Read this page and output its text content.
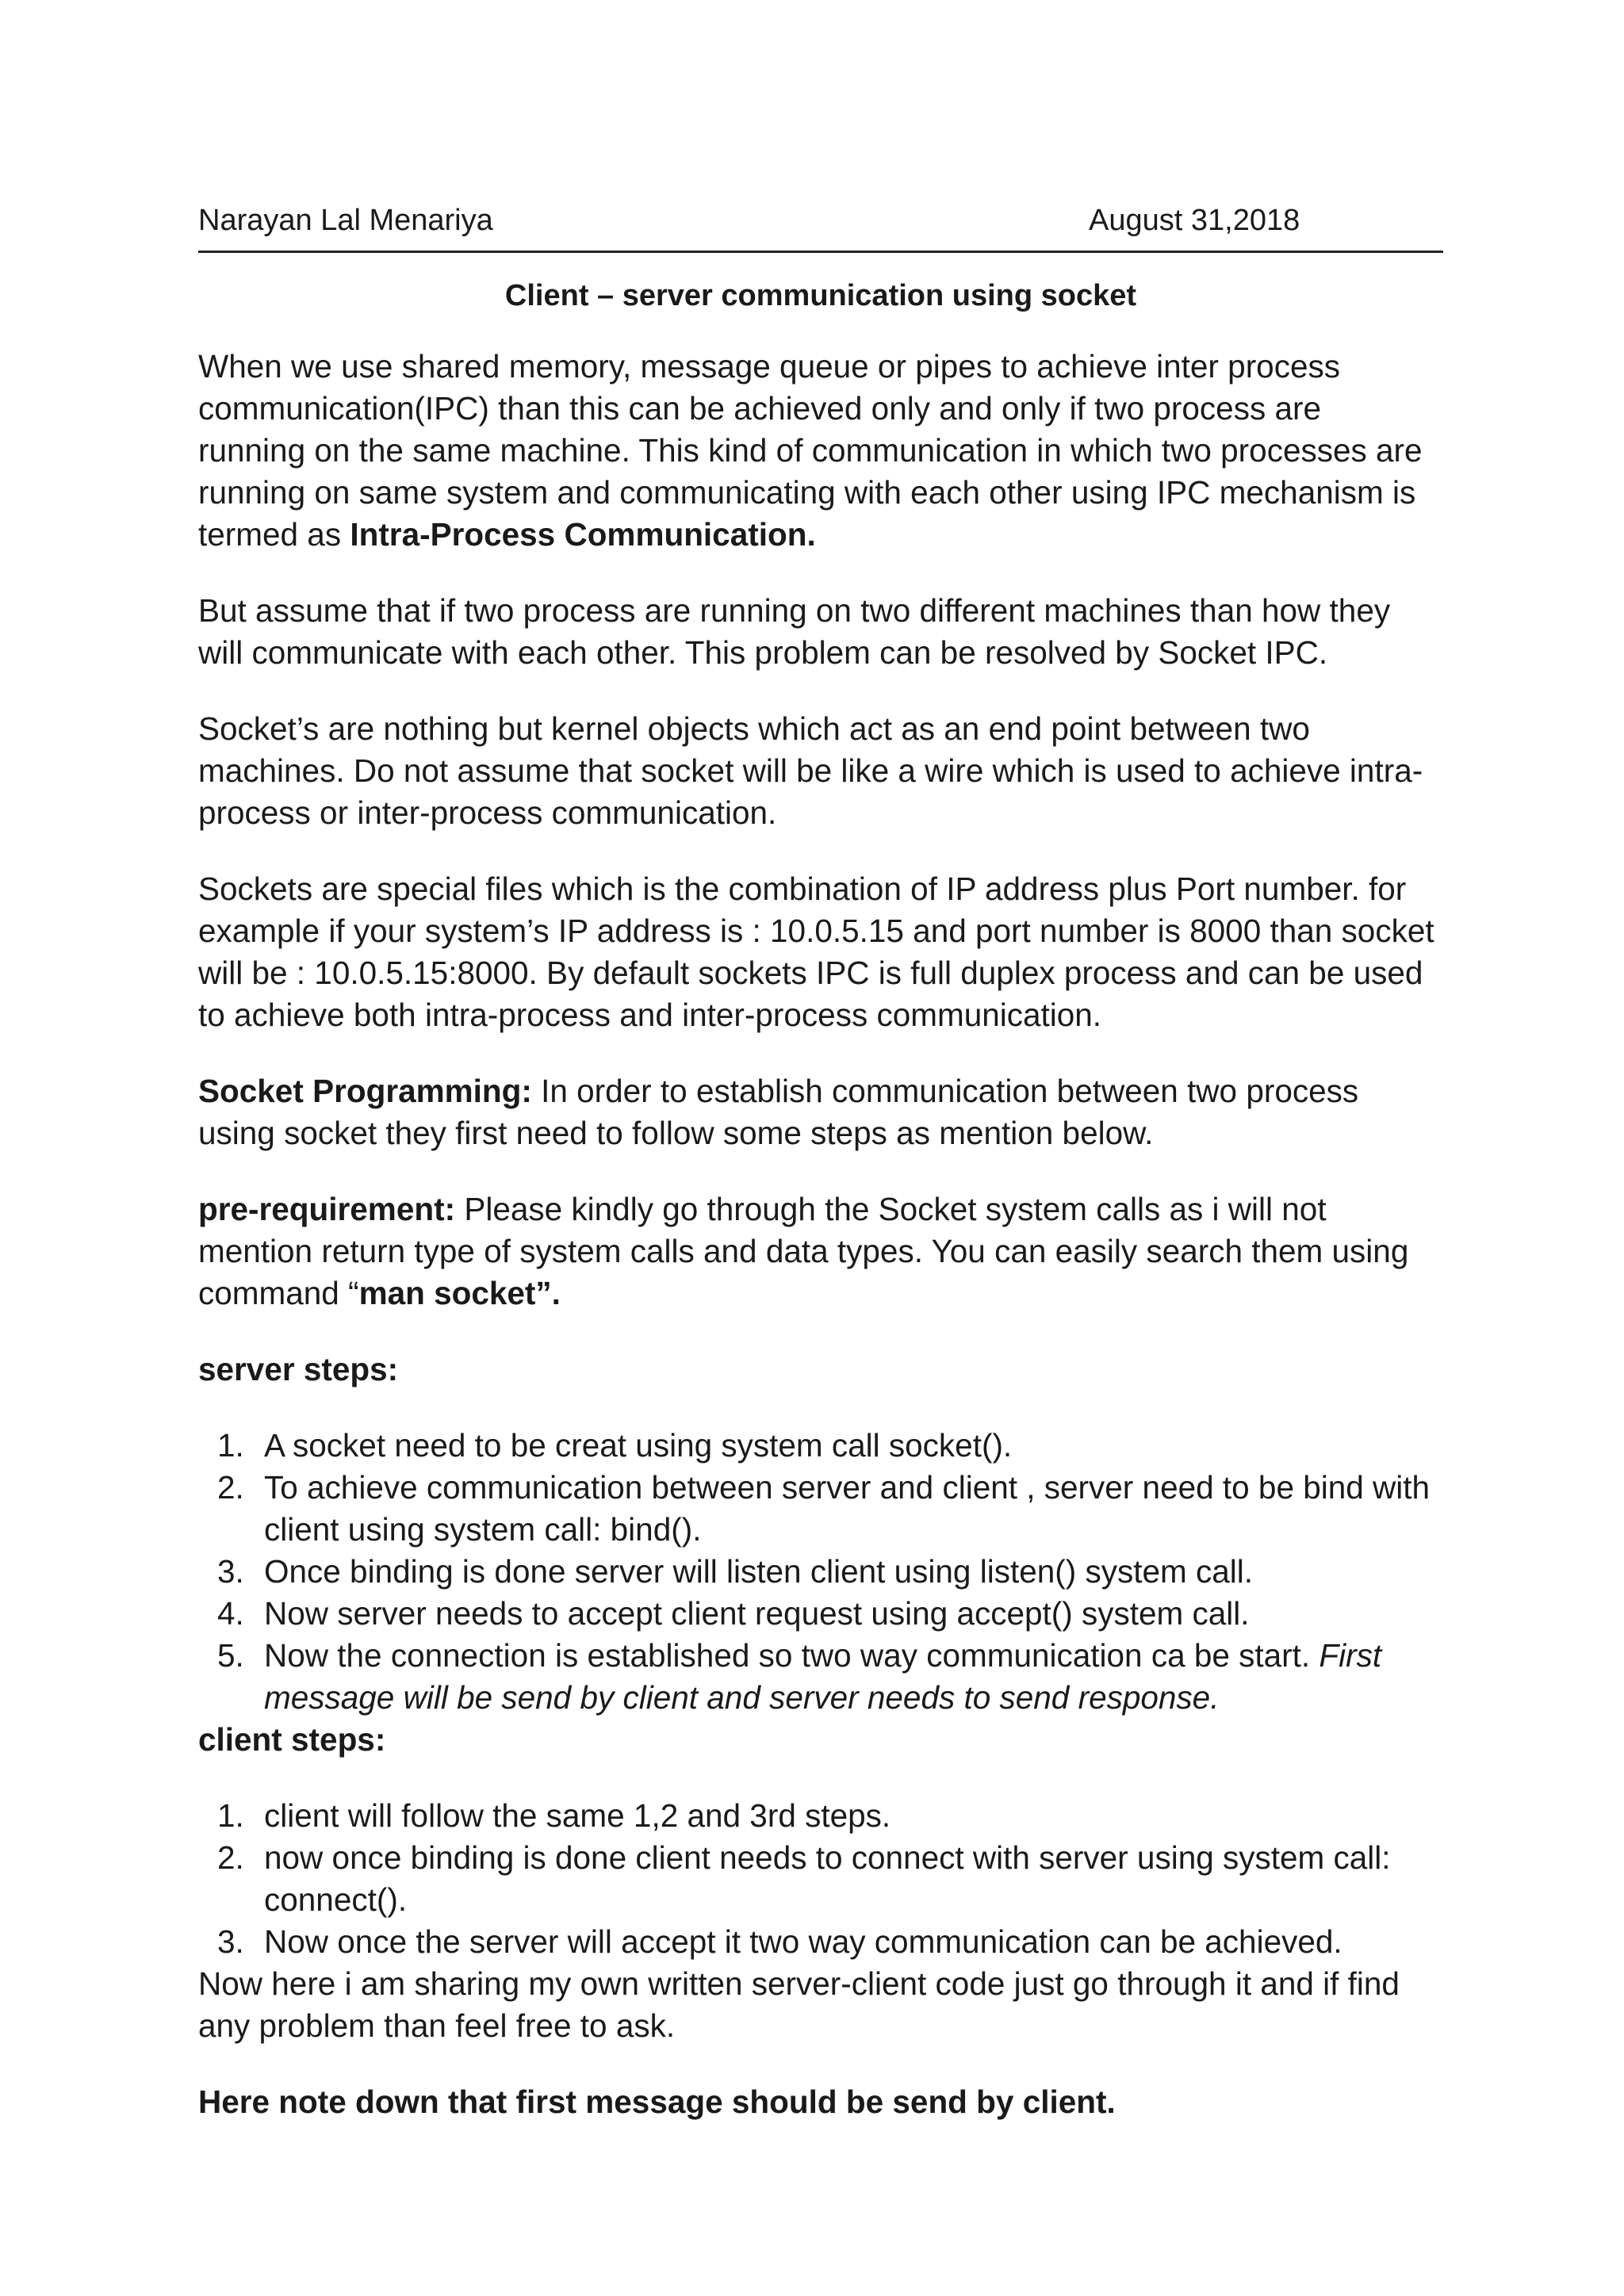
Narayan Lal Menariya	August 31,2018
Client – server communication using socket

When we use shared memory, message queue or pipes to achieve inter process communication(IPC) than this can be achieved only and only if two process are running on the same machine. This kind of communication in which two processes are running on same system and communicating with each other using IPC mechanism is termed as Intra-Process Communication.

But assume that if two process are running on two different machines than how they will communicate with each other. This problem can be resolved by Socket IPC.

Socket’s are nothing but kernel objects which act as an end point between two machines. Do not assume that socket will be like a wire which is used to achieve intra-process or inter-process communication.

Sockets are special files which is the combination of IP address plus Port number. for example if your system’s IP address is : 10.0.5.15 and port number is 8000 than socket will be : 10.0.5.15:8000. By default sockets IPC is full duplex process and can be used to achieve both intra-process and inter-process communication.

Socket Programming: In order to establish communication between two process using socket they first need to follow some steps as mention below.

pre-requirement: Please kindly go through the Socket system calls as i will not mention return type of system calls and data types. You can easily search them using command “man socket”.

server steps:

1. A socket need to be creat using system call socket().
2. To achieve communication between server and client , server need to be bind with client using system call: bind().
3. Once binding is done server will listen client using listen() system call.
4. Now server needs to accept client request using accept() system call.
5. Now the connection is established so two way communication ca be start. First message will be send by client and server needs to send response.

client steps:

1. client will follow the same 1,2 and 3rd steps.
2. now once binding is done client needs to connect with server using system call: connect().
3. Now once the server will accept it two way communication can be achieved.

Now here i am sharing my own written server-client code just go through it and if find any problem than feel free to ask.

Here note down that first message should be send by client.
